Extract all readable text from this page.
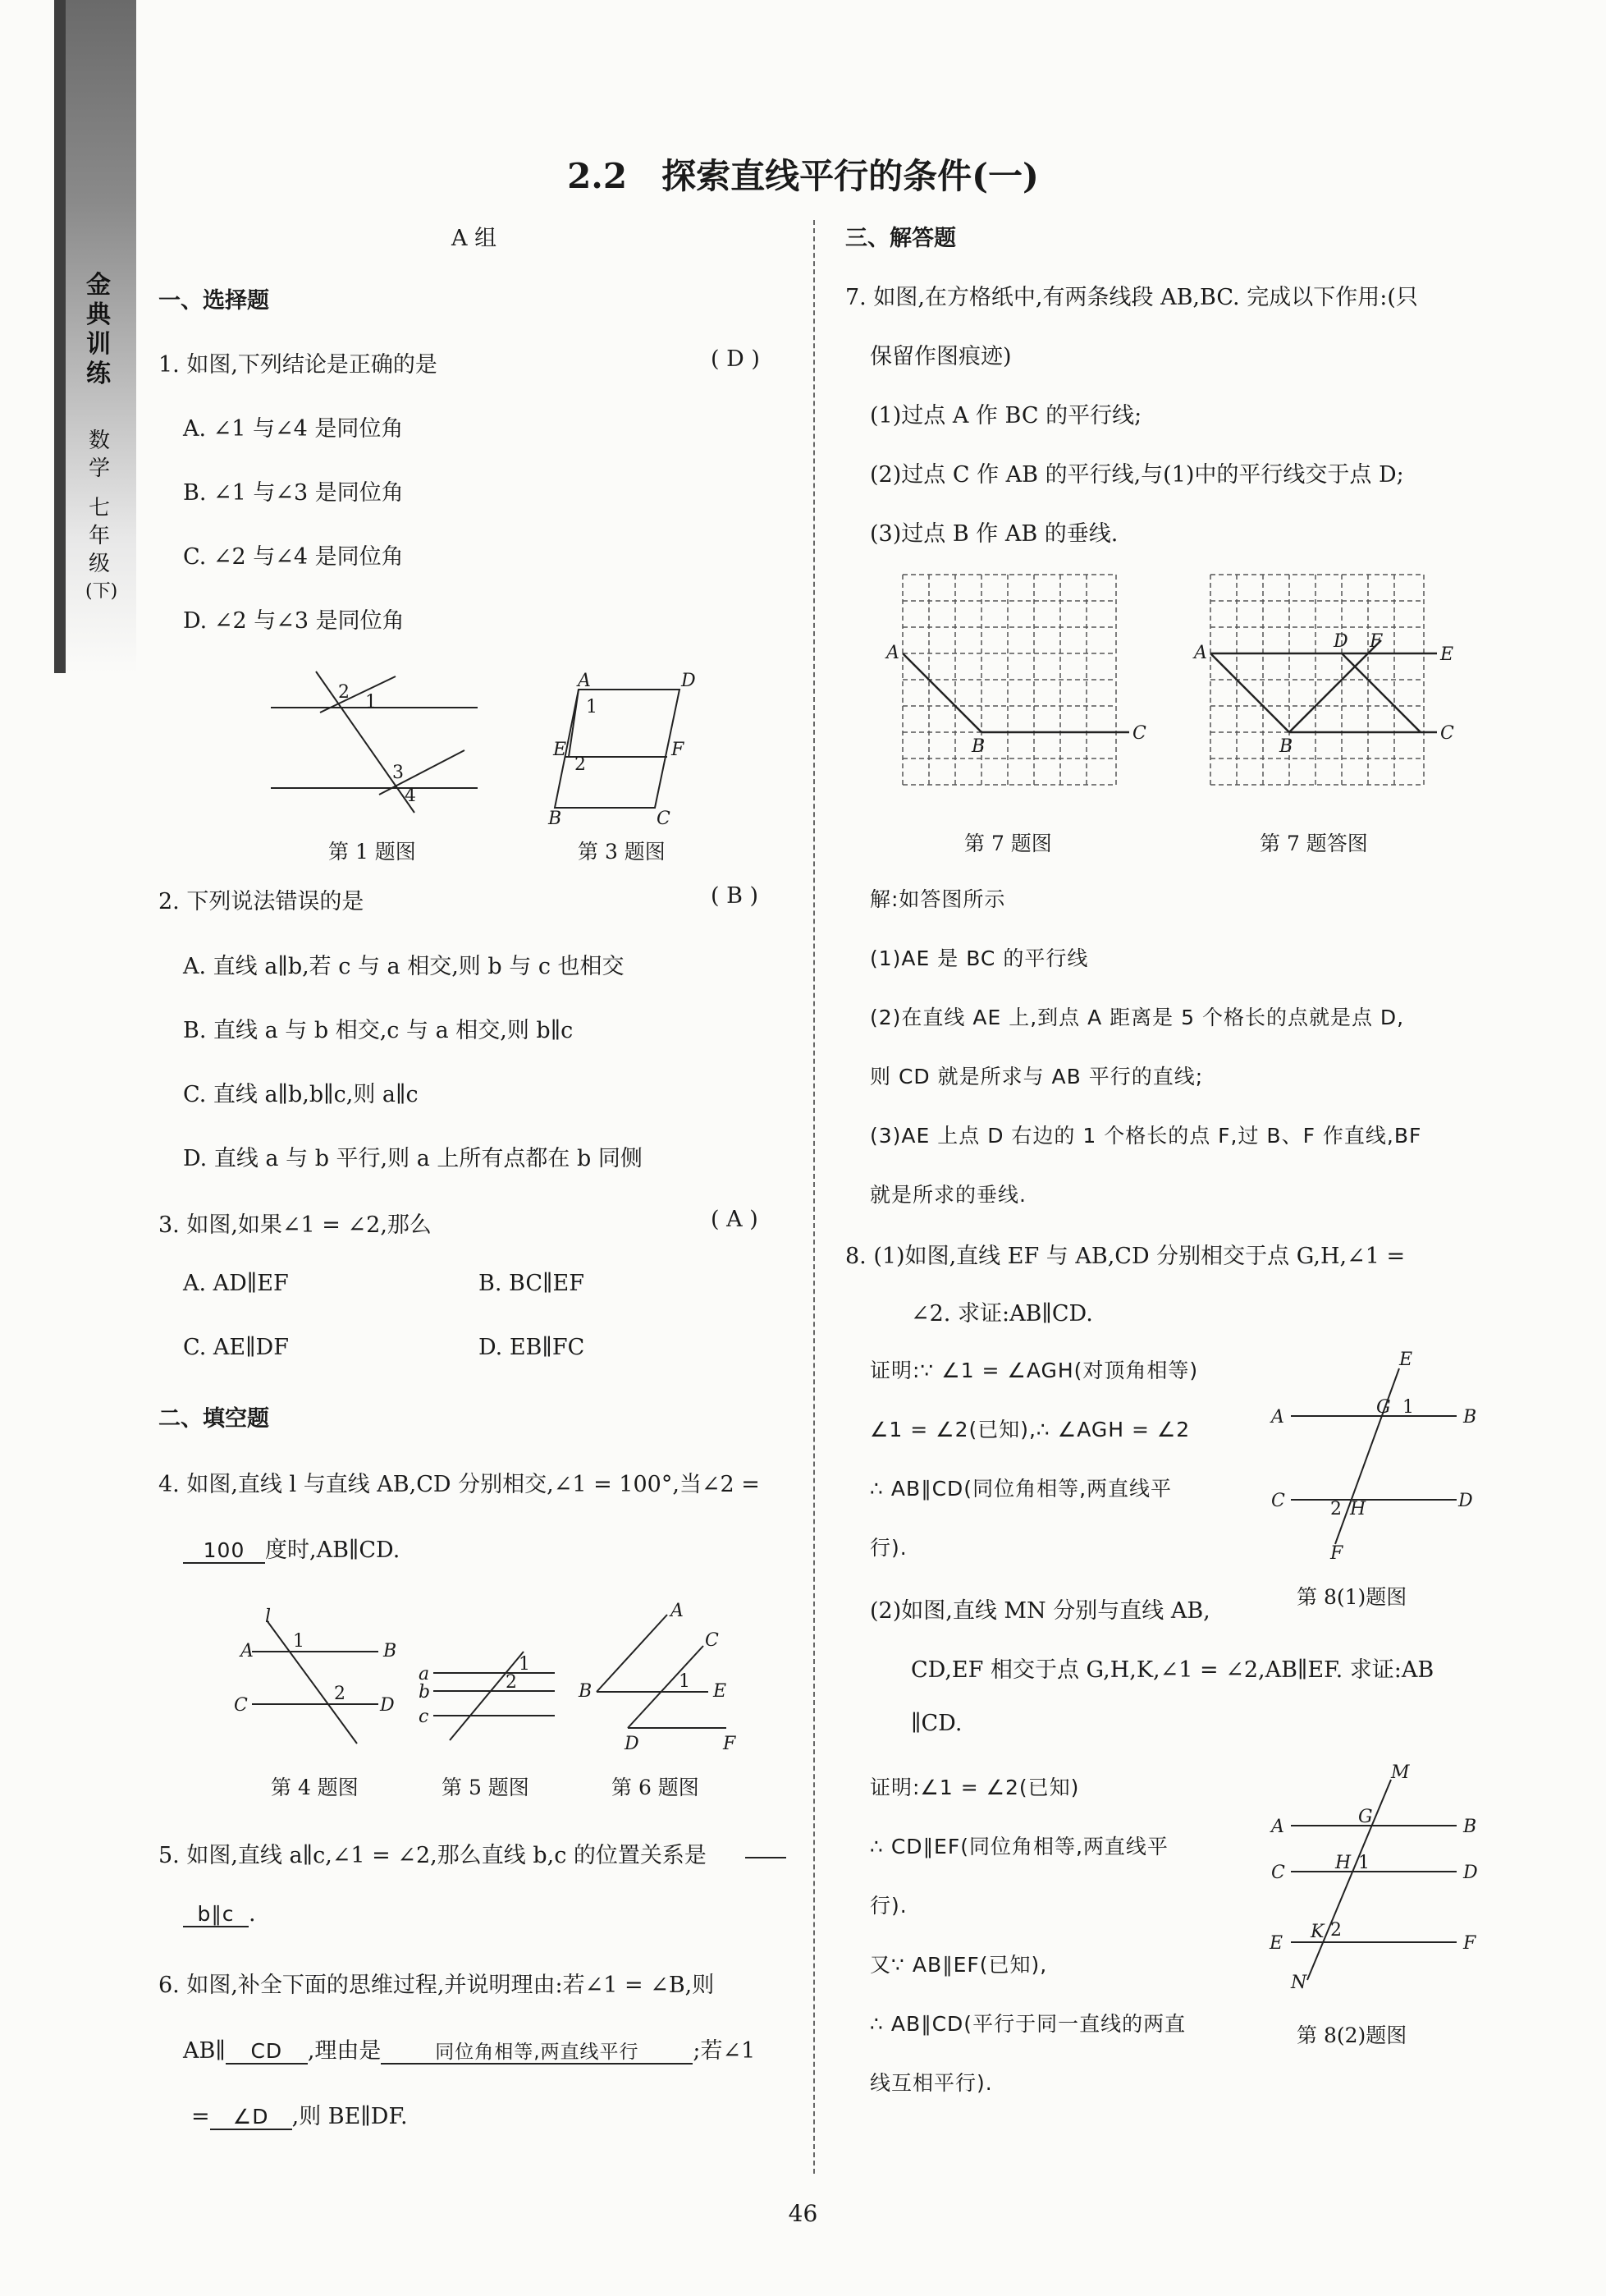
金
典
训
练
数
学
七
年
级
(下)
2.2　探索直线平行的条件(一)
A 组
一、选择题
1. 如图,下列结论是正确的是	( D )
A. ∠1 与∠4 是同位角
B. ∠1 与∠3 是同位角
C. ∠2 与∠4 是同位角
D. ∠2 与∠3 是同位角
2 1
3
4
A	D
E	F
B	C
1
2
第 1 题图	第 3 题图
2. 下列说法错误的是	( B )
A. 直线 a∥b,若 c 与 a 相交,则 b 与 c 也相交
B. 直线 a 与 b 相交,c 与 a 相交,则 b∥c
C. 直线 a∥b,b∥c,则 a∥c
D. 直线 a 与 b 平行,则 a 上所有点都在 b 同侧
3. 如图,如果∠1 = ∠2,那么	( A )
A. AD∥EF	B. BC∥EF
C. AE∥DF	D. EB∥FC
二、填空题
4. 如图,直线 l 与直线 AB,CD 分别相交,∠1 = 100°,当∠2 =
100 度时,AB∥CD.
l
A	B
C	D
1
2
a
b
c
1
2
A
C
B	E
D	F
1
第 4 题图	第 5 题图	第 6 题图
5. 如图,直线 a∥c,∠1 = ∠2,那么直线 b,c 的位置关系是
b∥c .
6. 如图,补全下面的思维过程,并说明理由:若∠1 = ∠B,则
AB∥ CD ,理由是	同位角相等,两直线平行 ;若∠1
= ∠D ,则 BE∥DF.
三、解答题
7. 如图,在方格纸中,有两条线段 AB,BC. 完成以下作用:(只
保留作图痕迹)
(1)过点 A 作 BC 的平行线;
(2)过点 C 作 AB 的平行线,与(1)中的平行线交于点 D;
(3)过点 B 作 AB 的垂线.
A
B
C
A
B
C
D F
E
第 7 题图	第 7 题答图
解:如答图所示
(1)AE 是 BC 的平行线
(2)在直线 AE 上,到点 A 距离是 5 个格长的点就是点 D,
则 CD 就是所求与 AB 平行的直线;
(3)AE 上点 D 右边的 1 个格长的点 F,过 B、F 作直线,BF
就是所求的垂线.
8. (1)如图,直线 EF 与 AB,CD 分别相交于点 G,H,∠1 =
∠2. 求证:AB∥CD.
证明:∵ ∠1 = ∠AGH(对顶角相等)
∠1 = ∠2(已知),∴ ∠AGH = ∠2
∴ AB∥CD(同位角相等,两直线平
行).
E
A	B
G 1
C	D
2 H
F
第 8(1)题图
(2)如图,直线 MN 分别与直线 AB,
CD,EF 相交于点 G,H,K,∠1 = ∠2,AB∥EF. 求证:AB
∥CD.
证明:∠1 = ∠2(已知)
∴ CD∥EF(同位角相等,两直线平
行).
又∵ AB∥EF(已知),
∴ AB∥CD(平行于同一直线的两直
线互相平行).
M
A	B
G
C	D
H 1
E	F
K 2
N
第 8(2)题图
46
